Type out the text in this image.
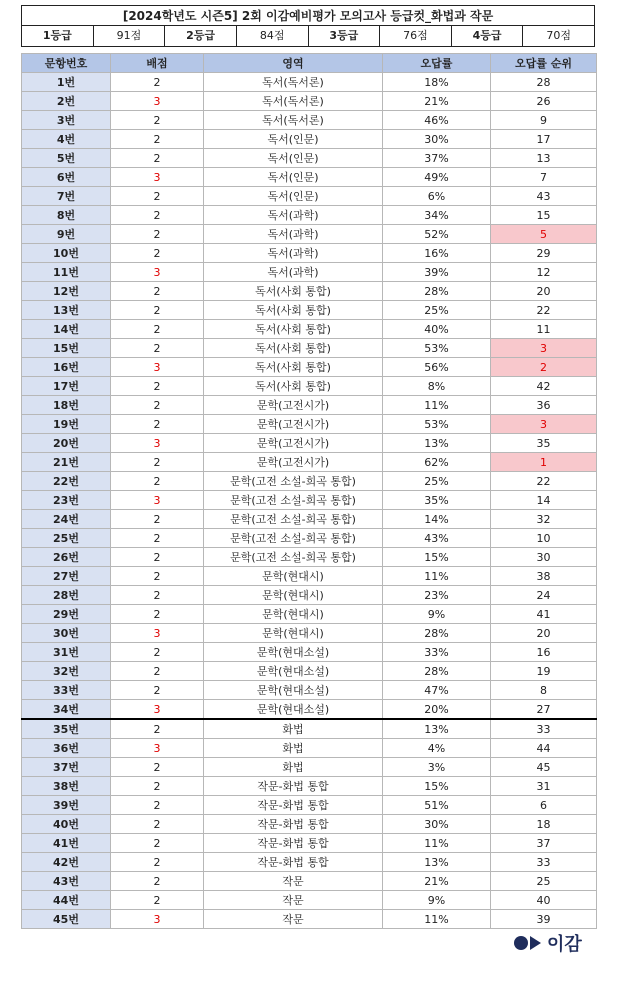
[2024학년도 시즌5] 2회 이감예비평가 모의고사 등급컷_화법과 작문
1등급	91점	2등급	84점	3등급	76점	4등급	70점
문항번호	배점	영역	오답률	오답률 순위
1번	2	독서(독서론)	18%	28
2번	3	독서(독서론)	21%	26
3번	2	독서(독서론)	46%	9
4번	2	독서(인문)	30%	17
5번	2	독서(인문)	37%	13
6번	3	독서(인문)	49%	7
7번	2	독서(인문)	6%	43
8번	2	독서(과학)	34%	15
9번	2	독서(과학)	52%	5
10번	2	독서(과학)	16%	29
11번	3	독서(과학)	39%	12
12번	2	독서(사회 통합)	28%	20
13번	2	독서(사회 통합)	25%	22
14번	2	독서(사회 통합)	40%	11
15번	2	독서(사회 통합)	53%	3
16번	3	독서(사회 통합)	56%	2
17번	2	독서(사회 통합)	8%	42
18번	2	문학(고전시가)	11%	36
19번	2	문학(고전시가)	53%	3
20번	3	문학(고전시가)	13%	35
21번	2	문학(고전시가)	62%	1
22번	2	문학(고전 소설-희곡 통합)	25%	22
23번	3	문학(고전 소설-희곡 통합)	35%	14
24번	2	문학(고전 소설-희곡 통합)	14%	32
25번	2	문학(고전 소설-희곡 통합)	43%	10
26번	2	문학(고전 소설-희곡 통합)	15%	30
27번	2	문학(현대시)	11%	38
28번	2	문학(현대시)	23%	24
29번	2	문학(현대시)	9%	41
30번	3	문학(현대시)	28%	20
31번	2	문학(현대소설)	33%	16
32번	2	문학(현대소설)	28%	19
33번	2	문학(현대소설)	47%	8
34번	3	문학(현대소설)	20%	27
35번	2	화법	13%	33
36번	3	화법	4%	44
37번	2	화법	3%	45
38번	2	작문-화법 통합	15%	31
39번	2	작문-화법 통합	51%	6
40번	2	작문-화법 통합	30%	18
41번	2	작문-화법 통합	11%	37
42번	2	작문-화법 통합	13%	33
43번	2	작문	21%	25
44번	2	작문	9%	40
45번	3	작문	11%	39
이감
